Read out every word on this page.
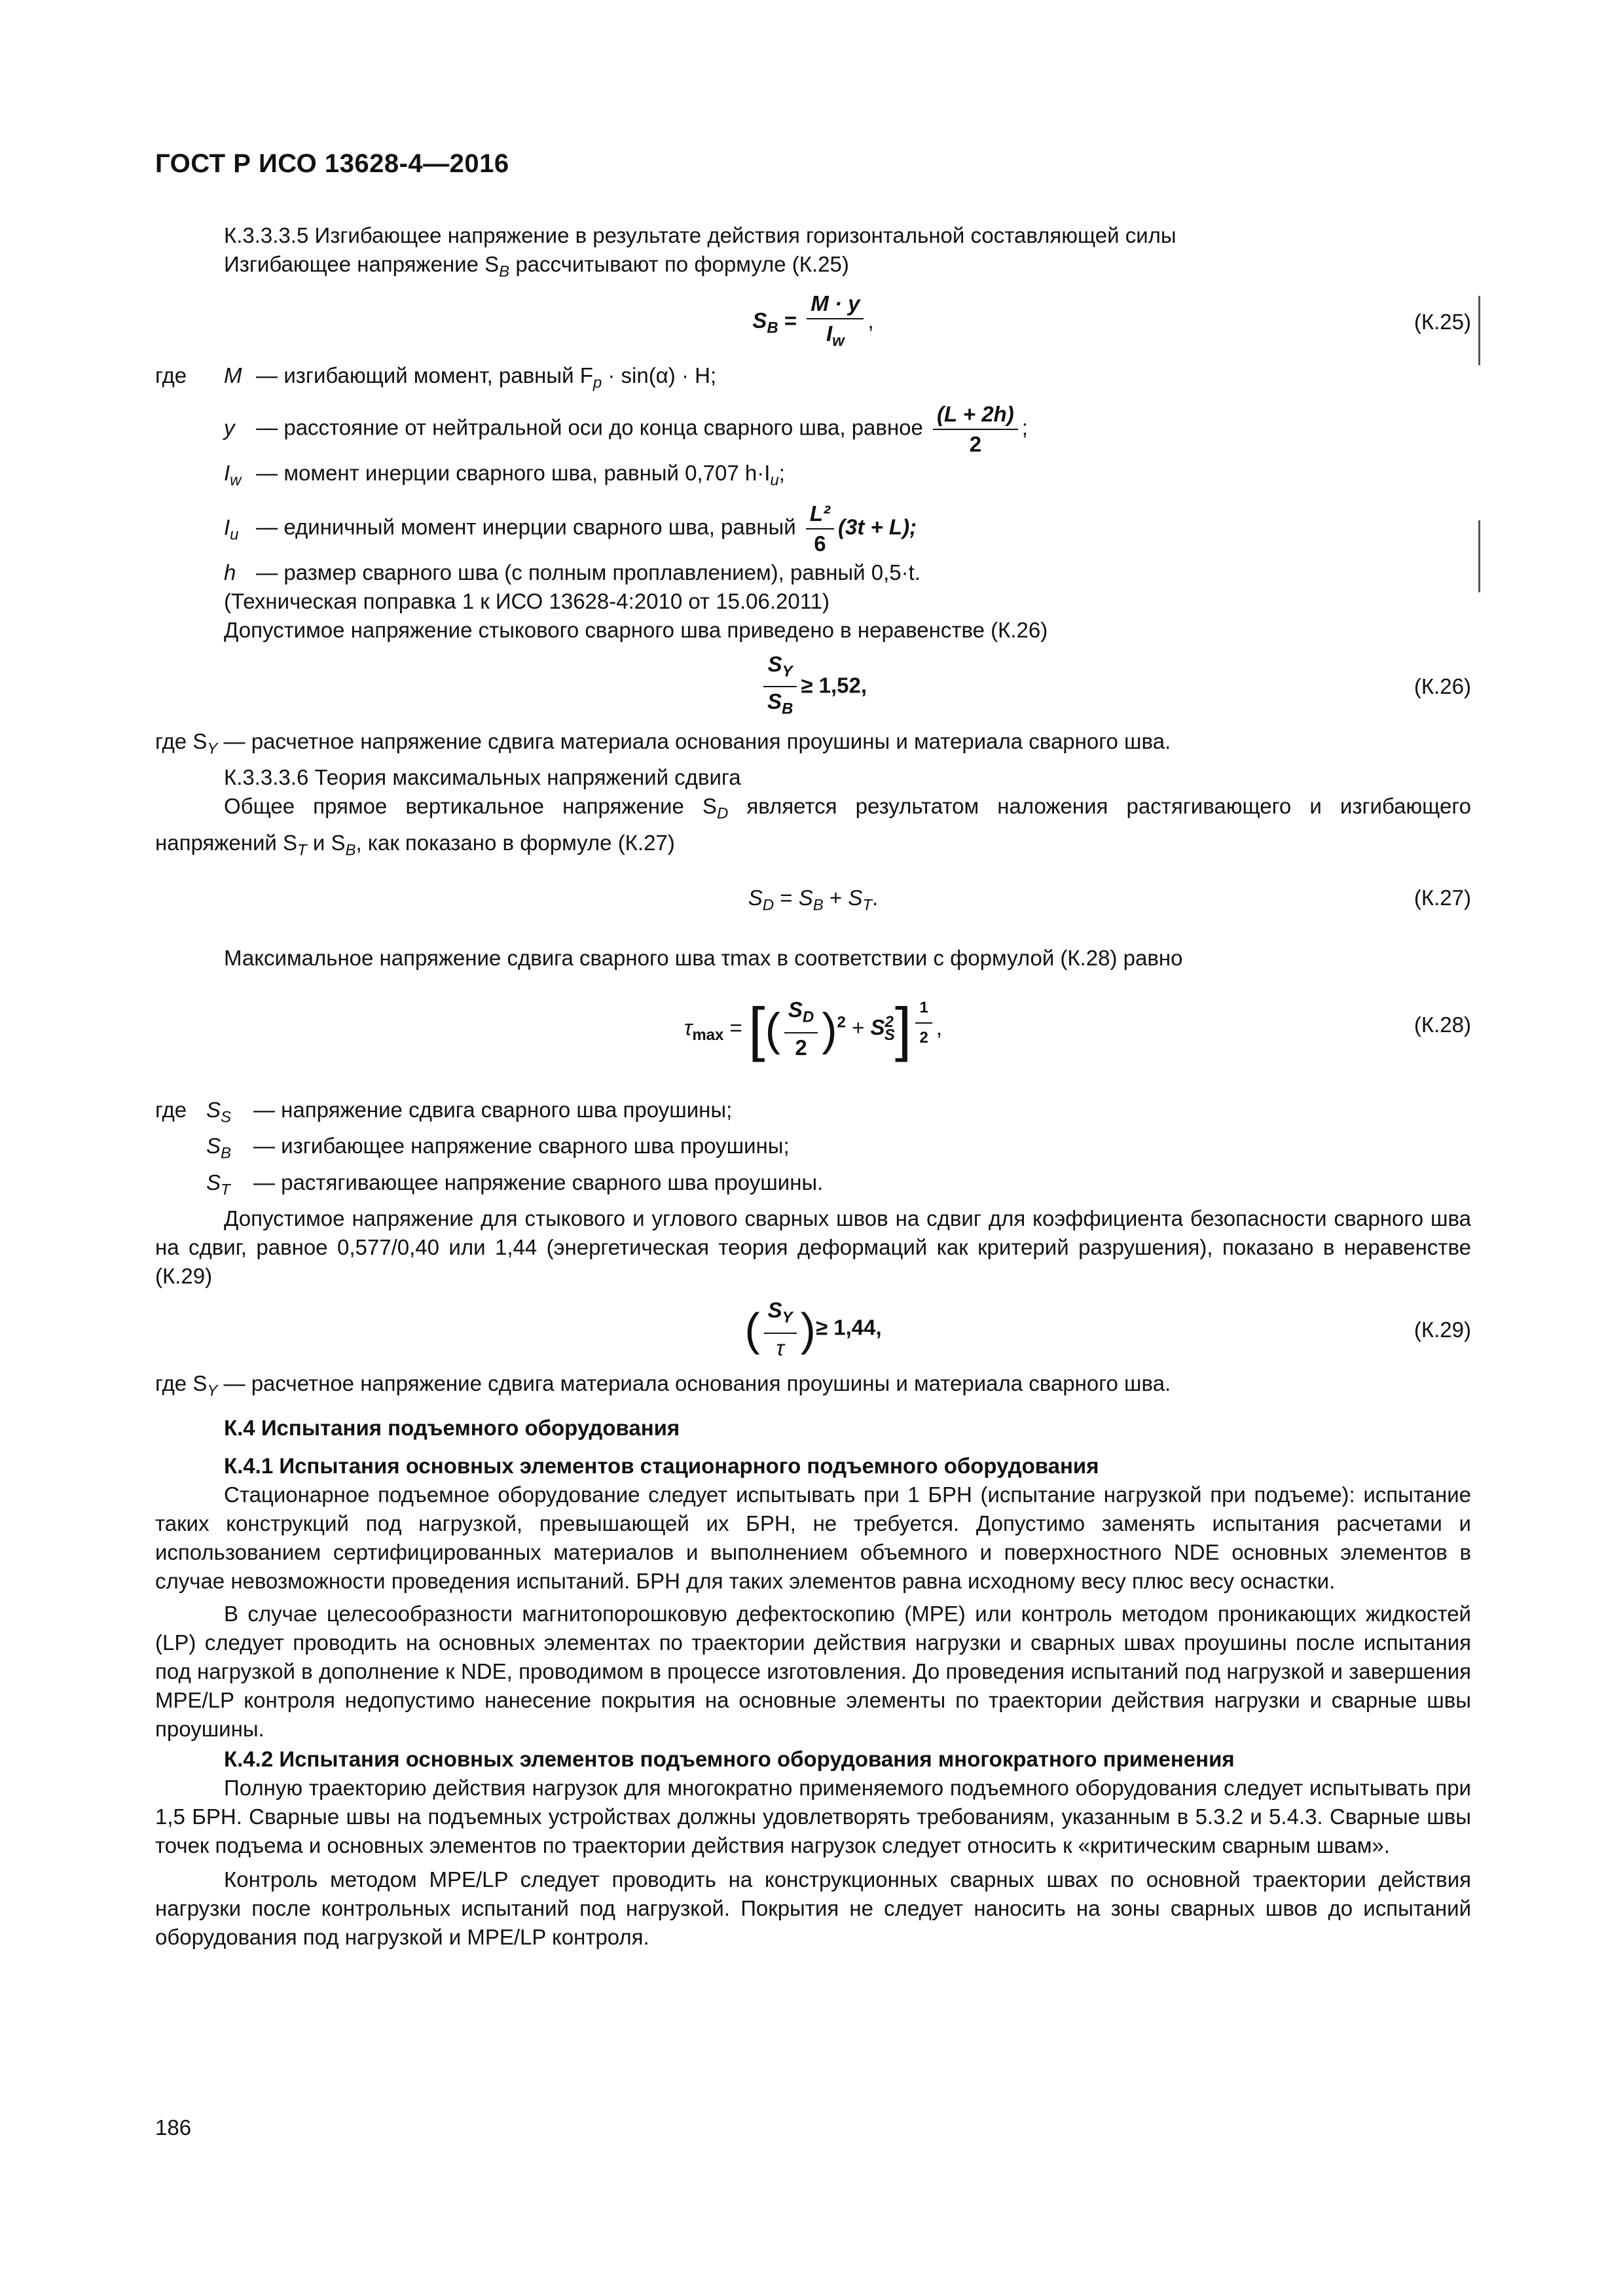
ГОСТ Р ИСО 13628-4—2016

К.3.3.3.5 Изгибающее напряжение в результате действия горизонтальной составляющей силы

Изгибающее напряжение $S_B$ рассчитывают по формуле (К.25)

$S_B = \frac{M \cdot y}{I_w}$ ,	(К.25)
где	M — изгибающий момент, равный $F_p \cdot \sin(\alpha) \cdot H$;
y — расстояние от нейтральной оси до конца сварного шва, равное $\frac{(L + 2h)}{2}$ ;
$I_w$ — момент инерции сварного шва, равный 0,707 $h\cdot I_u$;
$I_u$ — единичный момент инерции сварного шва, равный $\frac{\text{L²}}{6} (3t + L)$;
h — размер сварного шва (с полным проплавлением), равный 0,5·t.

(Техническая поправка 1 к ИСО 13628-4:2010 от 15.06.2011)

Допустимое напряжение стыкового сварного шва приведено в неравенстве (К.26)

$\frac{S_Y}{S_B} \ge 1,52$,	(К.26)

где $S_Y$ — расчетное напряжение сдвига материала основания проушины и материала сварного шва.

К.3.3.3.6 Теория максимальных напряжений сдвига

Общее прямое вертикальное напряжение $S_D$ является результатом наложения растягивающего и изгибающего напряжений $S_T$ и $S_B$, как показано в формуле (К.27)

$S_D = S_B + S_T$.	(К.27)

Максимальное напряжение сдвига сварного шва τmax в соответствии с формулой (К.28) равно

$\tau_{max}$ = [( $\frac{S_D}{2} )^2 + S^2_S$] $^{\frac{1}{2}}$ ,	(К.28)
где $S_S$	— напряжение сдвига сварного шва проушины;
$S_B$	— изгибающее напряжение сварного шва проушины;
$S_T$	— растягивающее напряжение сварного шва проушины.

Допустимое напряжение для стыкового и углового сварных швов на сдвиг для коэффициента безопасности сварного шва на сдвиг, равное 0,577/0,40 или 1,44 (энергетическая теория деформаций как критерий разрушения), показано в неравенстве (К.29)

( $\frac{S_Y}{\tau}$ )≥ 1,44,	(К.29)

где $S_Y$ — расчетное напряжение сдвига материала основания проушины и материала сварного шва.

К.4 Испытания подъемного оборудования

К.4.1 Испытания основных элементов стационарного подъемного оборудования

Стационарное подъемное оборудование следует испытывать при 1 БРН (испытание нагрузкой при подъеме): испытание таких конструкций под нагрузкой, превышающей их БРН, не требуется. Допустимо заменять испытания расчетами и использованием сертифицированных материалов и выполнением объемного и поверхностного NDE основных элементов в случае невозможности проведения испытаний. БРН для таких элементов равна исходному весу плюс весу оснастки.

В случае целесообразности магнитопорошковую дефектоскопию (MPE) или контроль методом проникающих жидкостей (LP) следует проводить на основных элементах по траектории действия нагрузки и сварных швах проушины после испытания под нагрузкой в дополнение к NDE, проводимом в процессе изготовления. До проведения испытаний под нагрузкой и завершения MPE/LP контроля недопустимо нанесение покрытия на основные элементы по траектории действия нагрузки и сварные швы проушины.

К.4.2 Испытания основных элементов подъемного оборудования многократного применения

Полную траекторию действия нагрузок для многократно применяемого подъемного оборудования следует испытывать при 1,5 БРН. Сварные швы на подъемных устройствах должны удовлетворять требованиям, указанным в 5.3.2 и 5.4.3. Сварные швы точек подъема и основных элементов по траектории действия нагрузок следует относить к «критическим сварным швам».

Контроль методом MPE/LP следует проводить на конструкционных сварных швах по основной траектории действия нагрузки после контрольных испытаний под нагрузкой. Покрытия не следует наносить на зоны сварных швов до испытаний оборудования под нагрузкой и MPE/LP контроля.

186
